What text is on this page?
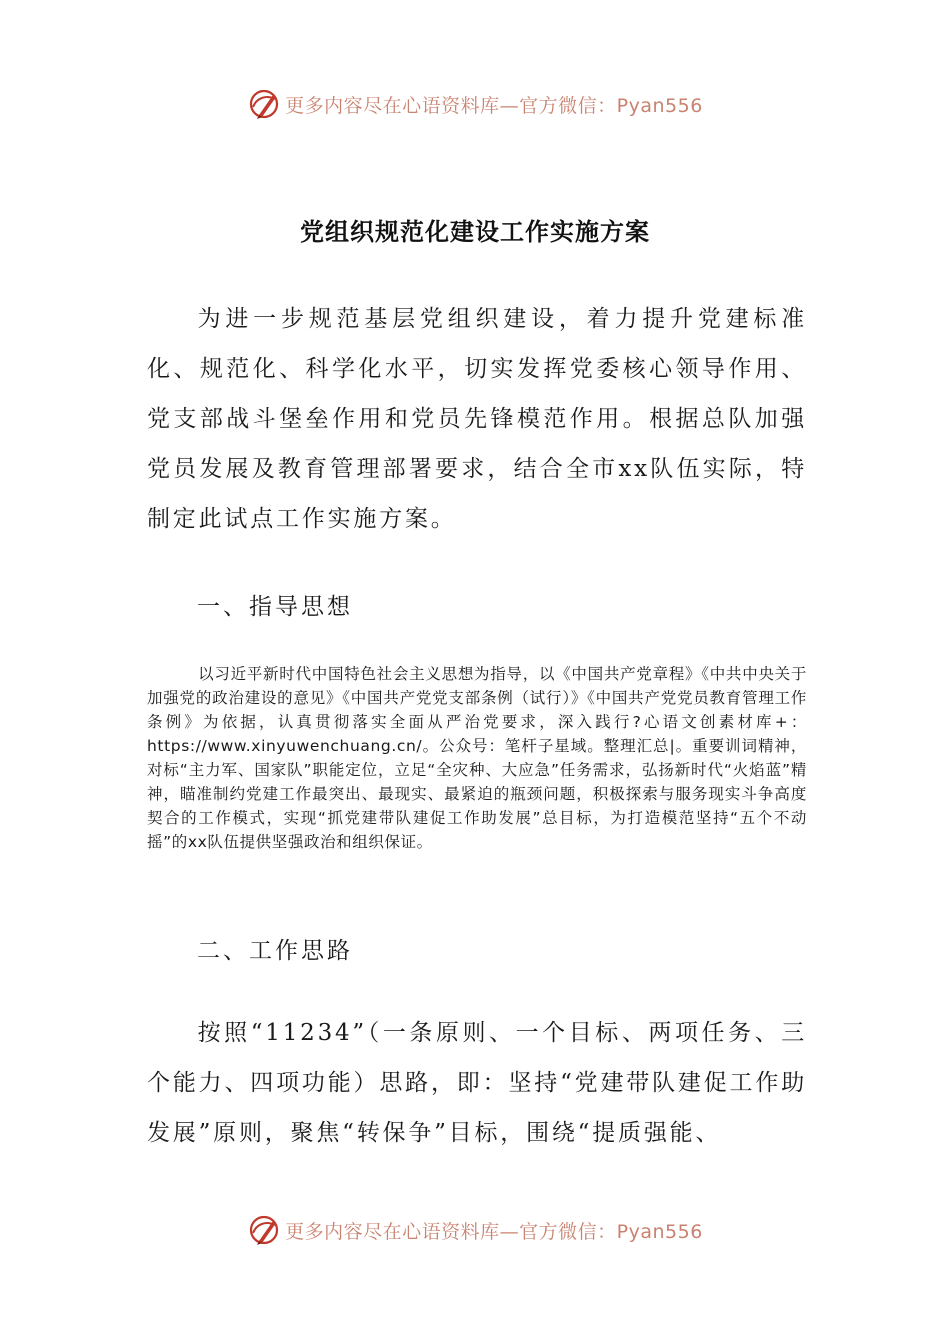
更多内容尽在心语资料库—官方微信：Pyan556
党组织规范化建设工作实施方案

为进一步规范基层党组织建设，着力提升党建标准化、规范化、科学化水平，切实发挥党委核心领导作用、党支部战斗堡垒作用和党员先锋模范作用。根据总队加强党员发展及教育管理部署要求，结合全市xx队伍实际，特制定此试点工作实施方案。

一、指导思想

以习近平新时代中国特色社会主义思想为指导，以《中国共产党章程》《中共中央关于加强党的政治建设的意见》《中国共产党党支部条例（试行）》《中国共产党党员教育管理工作条例》为依据，认真贯彻落实全面从严治党要求，深入践行?心语文创素材库+：https://www.xinyuwenchuang.cn/。公众号：笔杆子星域。整理汇总|。重要训词精神，对标“主力军、国家队”职能定位，立足“全灾种、大应急”任务需求，弘扬新时代“火焰蓝”精神，瞄准制约党建工作最突出、最现实、最紧迫的瓶颈问题，积极探索与服务现实斗争高度契合的工作模式，实现“抓党建带队建促工作助发展”总目标，为打造模范坚持“五个不动摇”的xx队伍提供坚强政治和组织保证。

二、工作思路

按照“11234”（一条原则、一个目标、两项任务、三个能力、四项功能）思路，即：坚持“党建带队建促工作助发展”原则，聚焦“转保争”目标，围绕“提质强能、

更多内容尽在心语资料库—官方微信：Pyan556
